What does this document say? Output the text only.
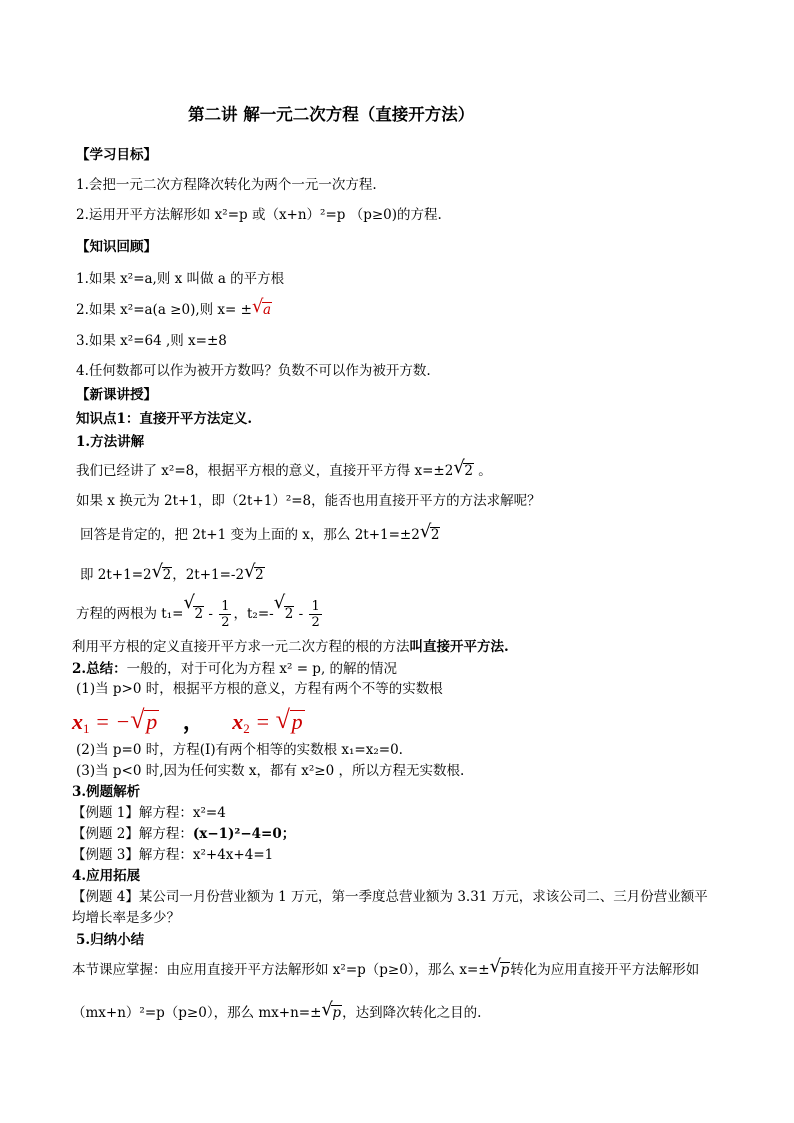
第二讲 解一元二次方程（直接开方法）
【学习目标】
1.会把一元二次方程降次转化为两个一元一次方程.
2.运用开平方法解形如 x²=p 或（x+n）²=p （p≥0)的方程.
【知识回顾】
1.如果 x²=a,则 x 叫做 a 的平方根
2.如果 x²=a(a ≥0),则 x= ± √ a
3.如果 x²=64 ,则 x=±8
4.任何数都可以作为被开方数吗？负数不可以作为被开方数.
【新课讲授】
知识点1：直接开平方法定义.
1.方法讲解
我们已经讲了 x²=8，根据平方根的意义，直接开平方得 x=±2 √ 2 。
如果 x 换元为 2t+1，即（2t+1）²=8，能否也用直接开平方的方法求解呢？
回答是肯定的，把 2t+1 变为上面的 x，那么 2t+1=±2 √ 2
即 2t+1=2 √ 2，2t+1=-2 √ 2
方程的两根为 t₁=
√
$2 - \frac{1}{2}$ ，t₂=-
√
$2 - \frac{1}{2}$
利用平方根的定义直接开平方求一元二次方程的根的方法叫直接开平方法.
2.总结：一般的，对于可化为方程 x² = p, 的解的情况
(1)当 p>0 时，根据平方根的意义，方程有两个不等的实数根
$x_1$ = − √ p ， $x_2$ = √ p
(2)当 p=0 时，方程(I)有两个相等的实数根 x₁=x₂=0.
(3)当 p<0 时,因为任何实数 x，都有 x²≥0 ，所以方程无实数根.
3.例题解析
【例题 1】解方程：x²=4
【例题 2】解方程：(x−1)²−4=0；
【例题 3】解方程：x²+4x+4=1
4.应用拓展
【例题 4】某公司一月份营业额为 1 万元，第一季度总营业额为 3.31 万元，求该公司二、三月份营业额平
均增长率是多少？
5.归纳小结
本节课应掌握：由应用直接开平方法解形如 x²=p（p≥0），那么 x=± √ p转化为应用直接开平方法解形如
（mx+n）²=p（p≥0），那么 mx+n=± √ p，达到降次转化之目的.
